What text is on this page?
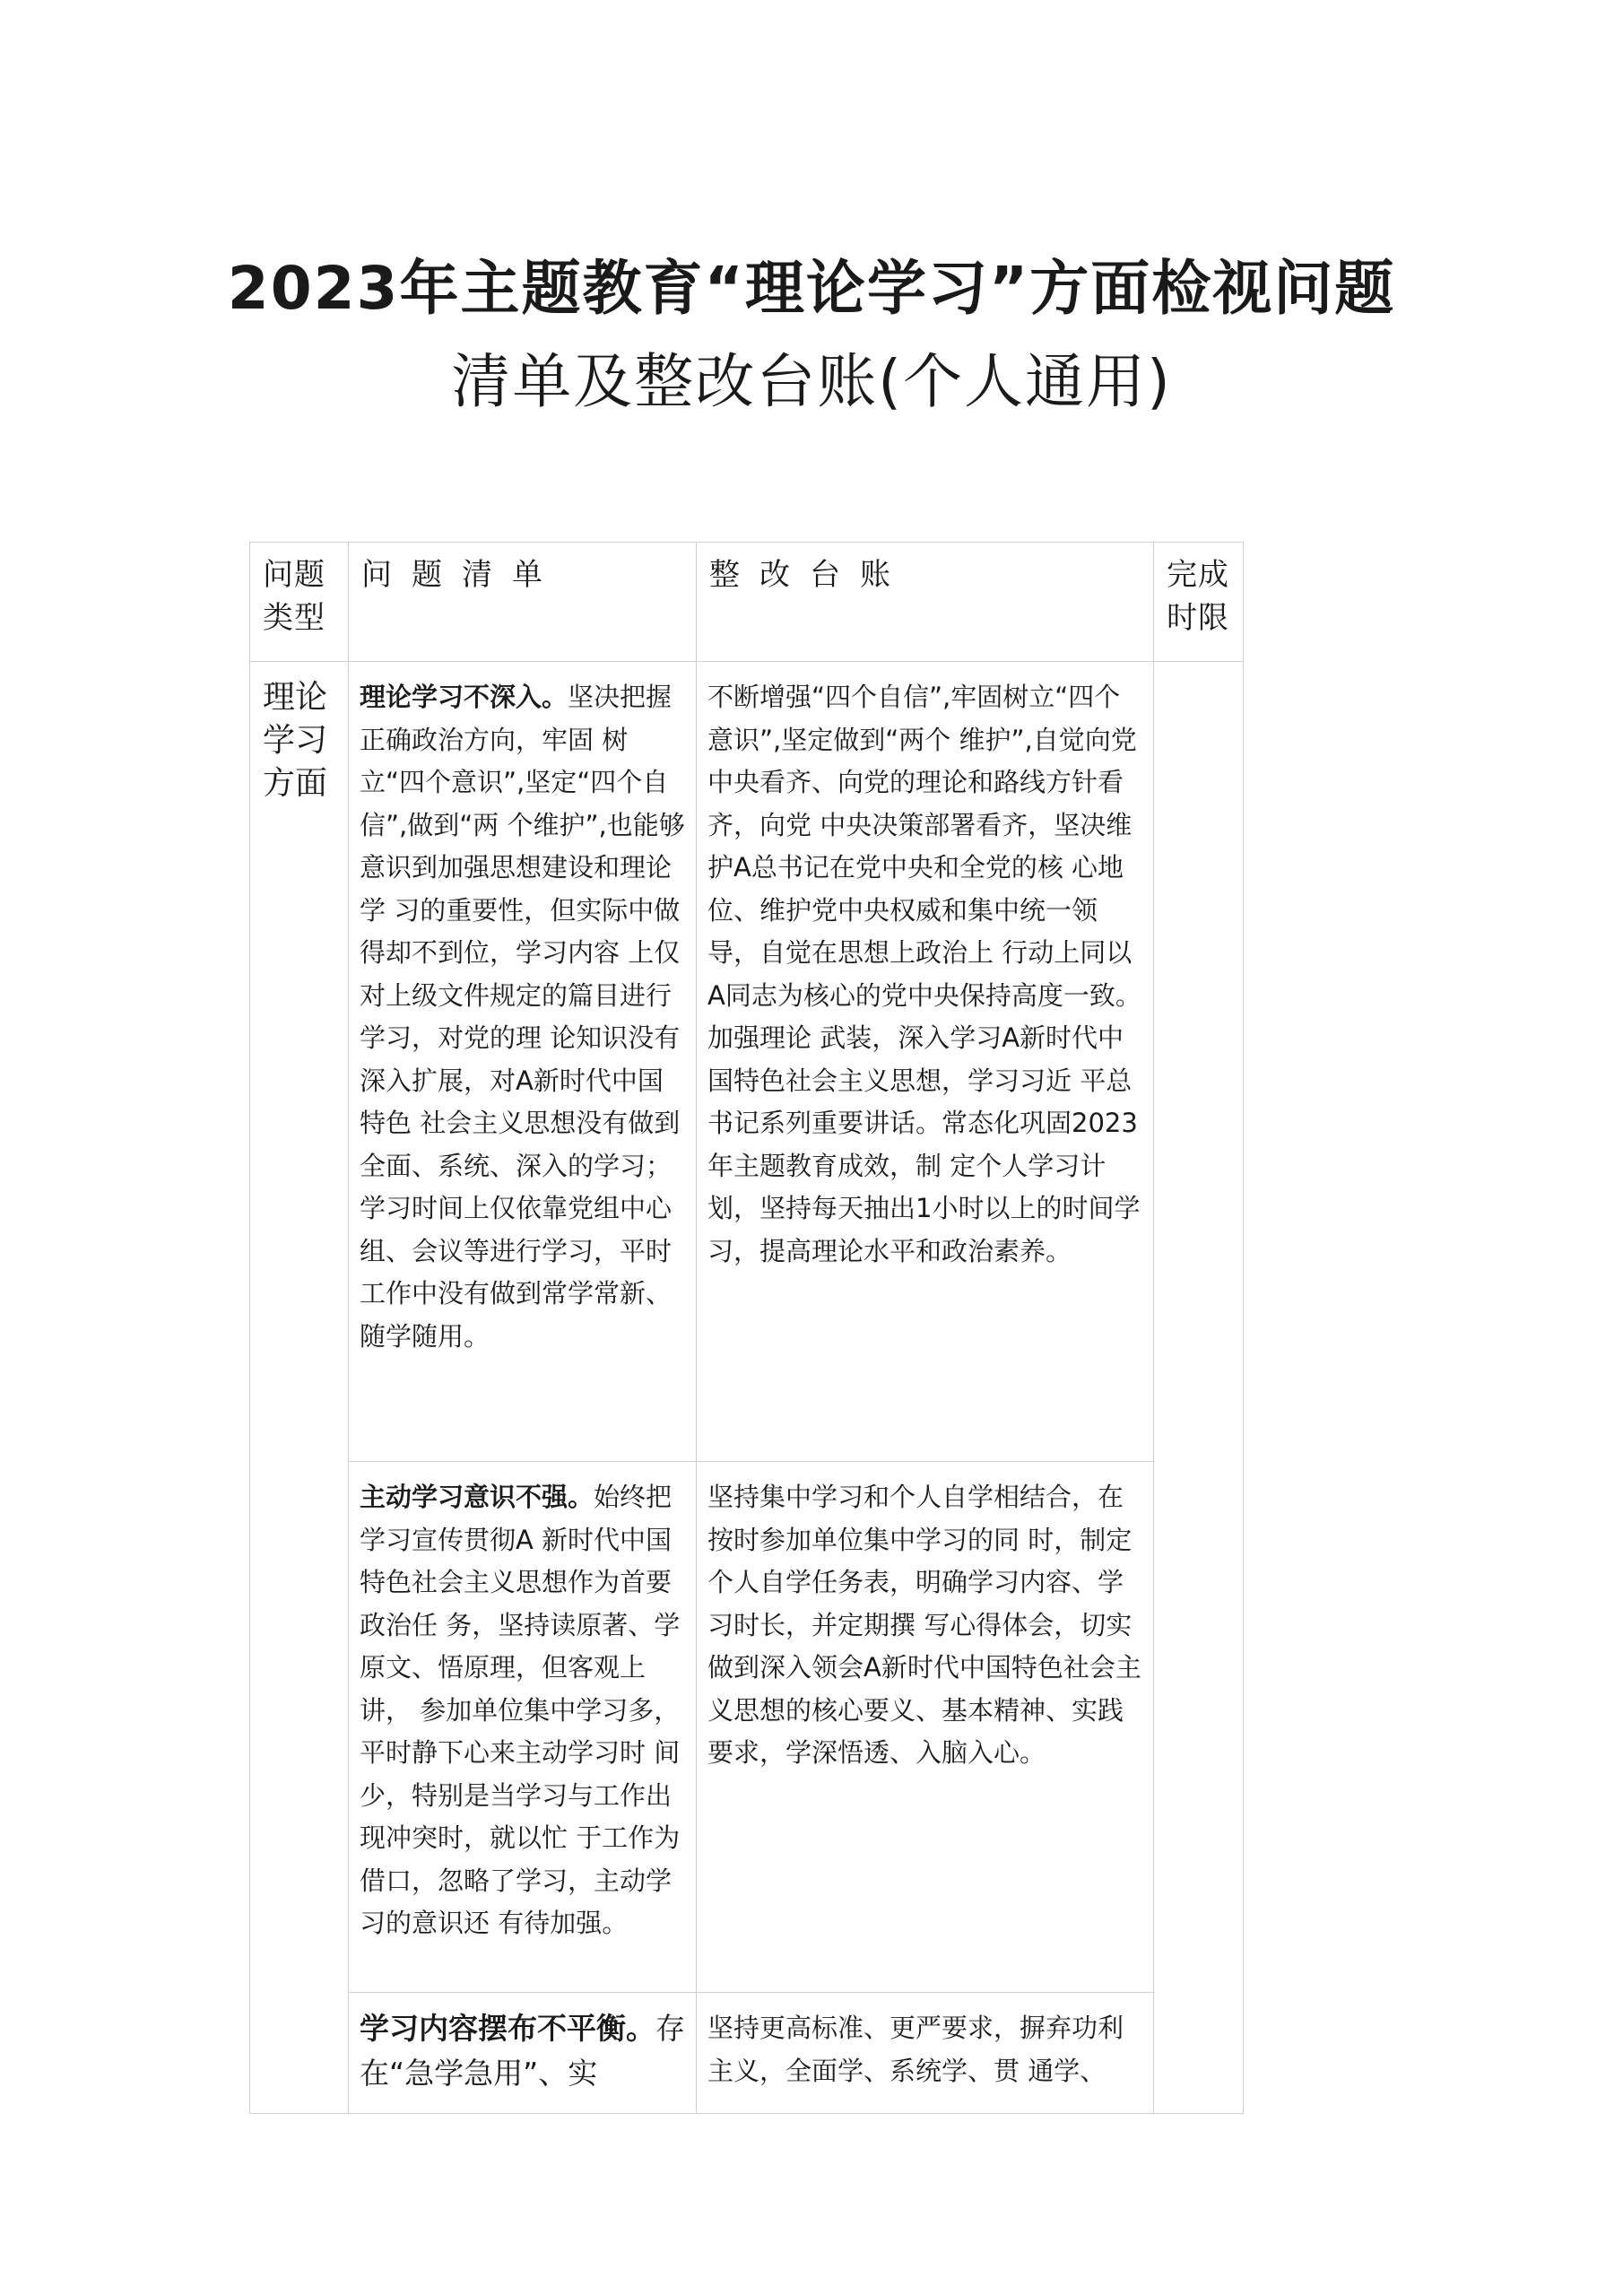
2023年主题教育“理论学习”方面检视问题
清单及整改台账(个人通用)
问题类型	问题清单	整改台账	完成时限
理论学习方面	理论学习不深入。坚决把握正确政治方向，牢固 树立“四个意识”,坚定“四个自信”,做到“两 个维护”,也能够意识到加强思想建设和理论学 习的重要性，但实际中做得却不到位，学习内容 上仅对上级文件规定的篇目进行学习，对党的理 论知识没有深入扩展，对A新时代中国特色 社会主义思想没有做到全面、系统、深入的学习； 学习时间上仅依靠党组中心组、会议等进行学习，平时工作中没有做到常学常新、随学随用。	不断增强“四个自信”,牢固树立“四个意识”,坚定做到“两个 维护”,自觉向党中央看齐、向党的理论和路线方针看齐，向党 中央决策部署看齐，坚决维护A总书记在党中央和全党的核 心地位、维护党中央权威和集中统一领导，自觉在思想上政治上 行动上同以A同志为核心的党中央保持高度一致。加强理论 武装，深入学习A新时代中国特色社会主义思想，学习习近 平总书记系列重要讲话。常态化巩固2023年主题教育成效，制 定个人学习计划，坚持每天抽出1小时以上的时间学习，提高理论水平和政治素养。	
	主动学习意识不强。始终把学习宣传贯彻A 新时代中国特色社会主义思想作为首要政治任 务，坚持读原著、学原文、悟原理，但客观上讲， 参加单位集中学习多，平时静下心来主动学习时 间少，特别是当学习与工作出现冲突时，就以忙 于工作为借口，忽略了学习，主动学习的意识还 有待加强。	坚持集中学习和个人自学相结合，在按时参加单位集中学习的同 时，制定个人自学任务表，明确学习内容、学习时长，并定期撰 写心得体会，切实做到深入领会A新时代中国特色社会主义思想的核心要义、基本精神、实践要求，学深悟透、入脑入心。	
	学习内容摆布不平衡。存在“急学急用”、实	坚持更高标准、更严要求，摒弃功利主义，全面学、系统学、贯 通学、	
